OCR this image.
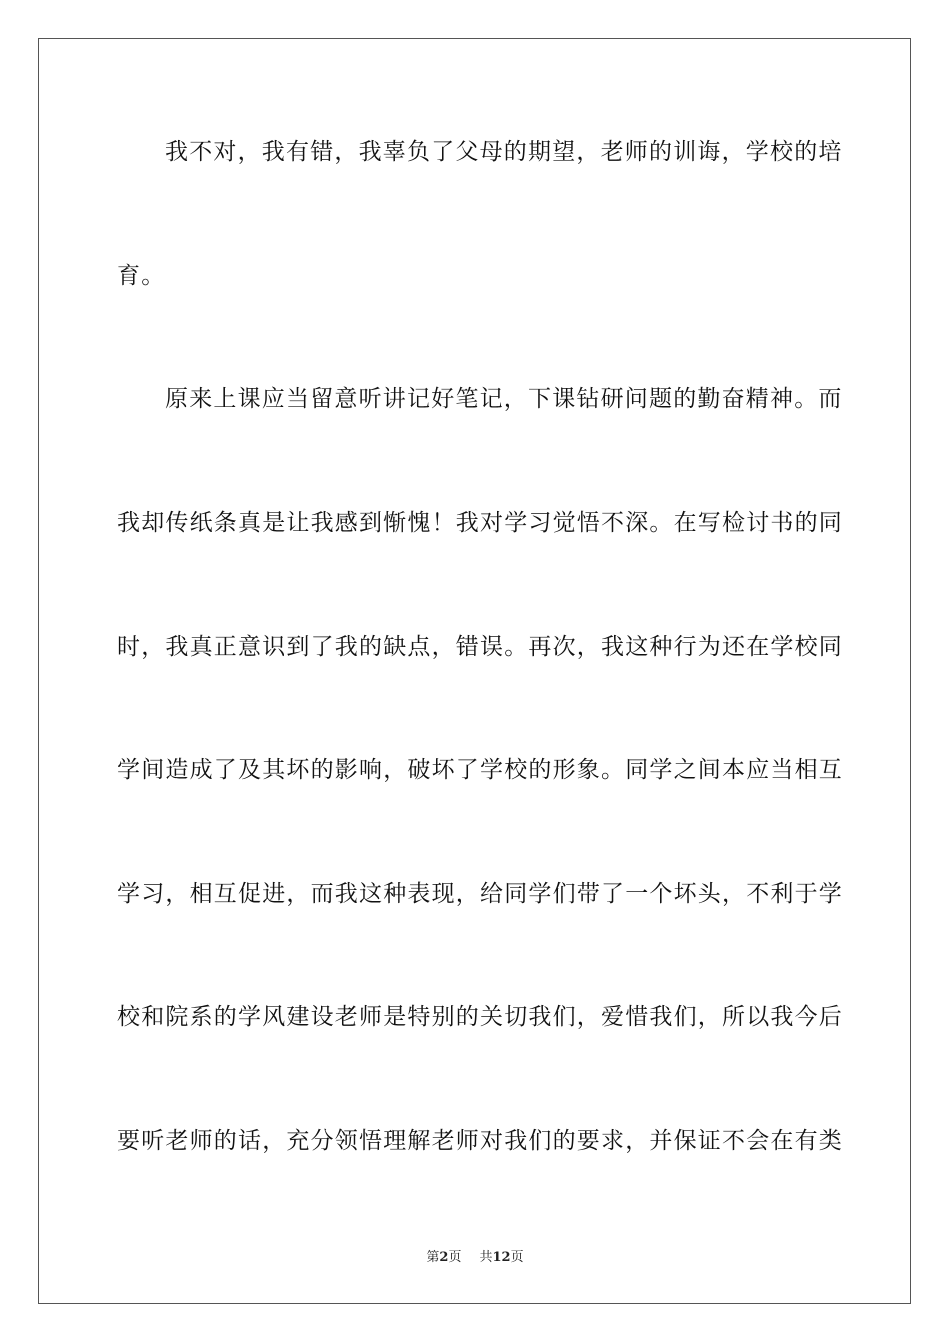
我不对，我有错，我辜负了父母的期望，老师的训诲，学校的培
育。
原来上课应当留意听讲记好笔记，下课钻研问题的勤奋精神。而
我却传纸条真是让我感到惭愧！我对学习觉悟不深。在写检讨书的同
时，我真正意识到了我的缺点，错误。再次，我这种行为还在学校同
学间造成了及其坏的影响，破坏了学校的形象。同学之间本应当相互
学习，相互促进，而我这种表现，给同学们带了一个坏头，不利于学
校和院系的学风建设老师是特别的关切我们，爱惜我们，所以我今后
要听老师的话，充分领悟理解老师对我们的要求，并保证不会在有类
第2页 共12页
